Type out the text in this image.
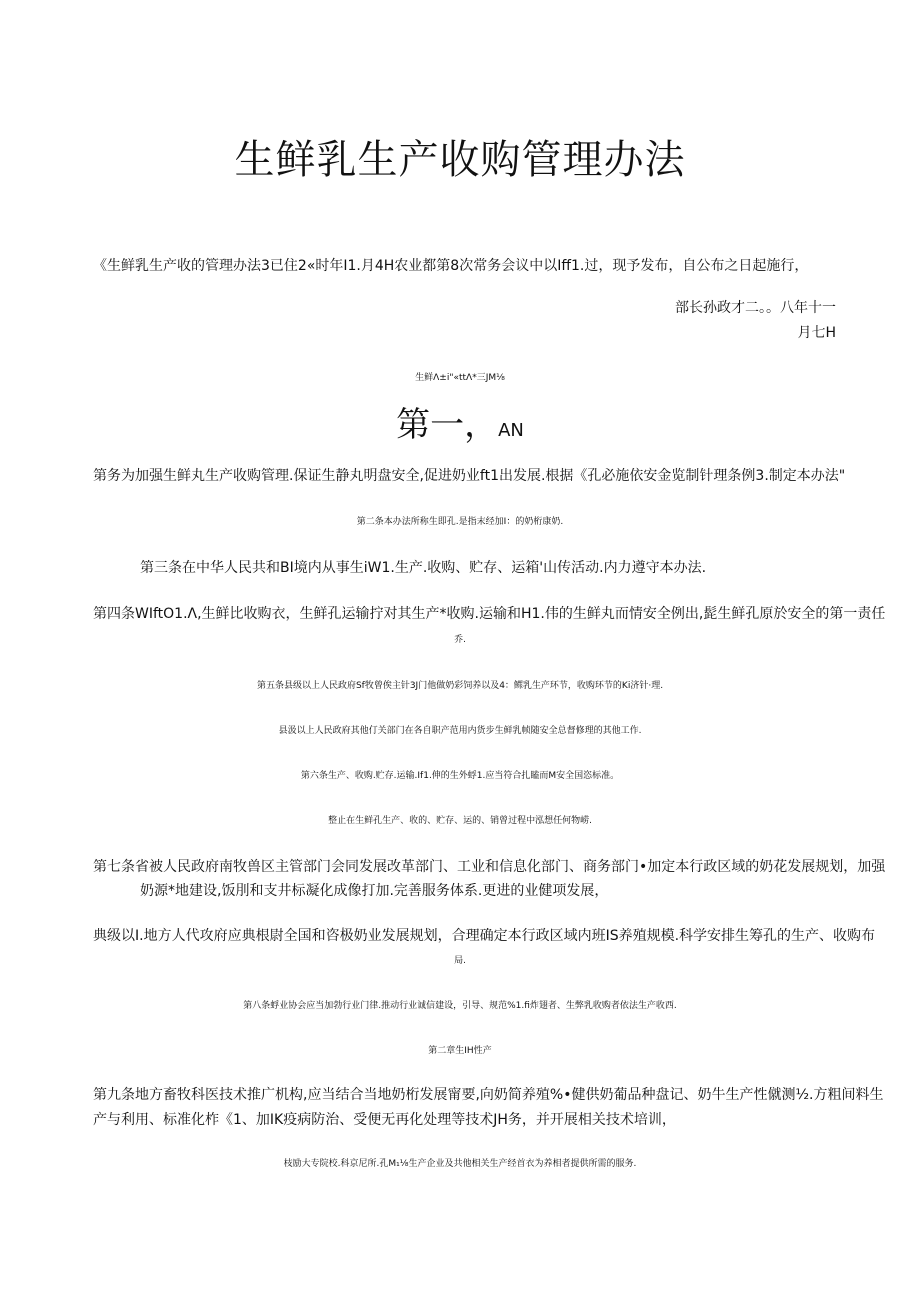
生鲜乳生产收购管理办法
《生鲜乳生产收的管理办法3已住2«时年I1.月4H农业都第8次常务会议中以Iff1.过，现予发布，自公布之日起施行，
部长孙政才二。。八年十一
月七H
生鲜Λ±i"«ttΛ*三JM⅛
第一，AN
第务为加强生鲜丸生产收购管理.保证生静丸明盘安全,促进奶业ft1出发展.根据《孔必施依安金览制针理条例3.制定本办法"
第二条本办法所称生即孔.是指末经加I：的奶桁康奶.
第三条在中华人民共和BI境内从事生iW1.生产.收购、贮存、运箱'山传活动.内力遵守本办法.
第四条WIftO1.Λ,生鲜比收购衣，生鲜孔运输拧对其生产*收购.运输和H1.伟的生鲜丸而情安全例出,髭生鲜孔原於安全的第一责任
乔.
第五条县级以上人民政府Sf牧曾俟主针3J门他做奶彩饲养以及4：鳏乳生产环节，收购环节的Ki济针·理.
县汲以上人民政府其他仃关部门在各自职产范用内货步生鲜乳帧随安全总督修理的其他工作.
第六条生产、收购.贮存.运输.If1.伸的生外蜉1.应当符合扎瞌而M安全国恣标准。
整止在生鲜孔生产、收的、贮存、运的、销曾过程中泓想任何物崂.
第七条省被人民政府南牧兽区主管部门会同发展改革部门、工业和信息化部门、商务部门•加定本行政区域的奶花发展规划，加强
奶源*地建设,饭刖和支井标凝化成像打加.完善服务体系.更进的业健项发展，
典级以I.地方人代攻府应典根尉全国和咨极奶业发展规划，合理确定本行政区域内班IS养殖规模.科学安排生筹孔的生产、收购布
局.
第八条蜉业协会应当加勃行业门律.推动行业诚信建设，引导、规范%1.fi炸翅者、生弊乳收购者依法生产收西.
第二章生IH性产
第九条地方畜牧科医技术推广机构,应当结合当地奶桁发展甯要,向奶简养殖%•健供奶葡品种盘记、奶牛生产性僦测½.方粗间料生
产与利用、标准化柞《1、加IK疫病防治、受便无再化处理等技术JH务，并开展相关技术培训，
枝励大专院校.科京尼所.孔M₁⅛生产企业及共他相关生产经首衣为养相者提供所需的服务.
